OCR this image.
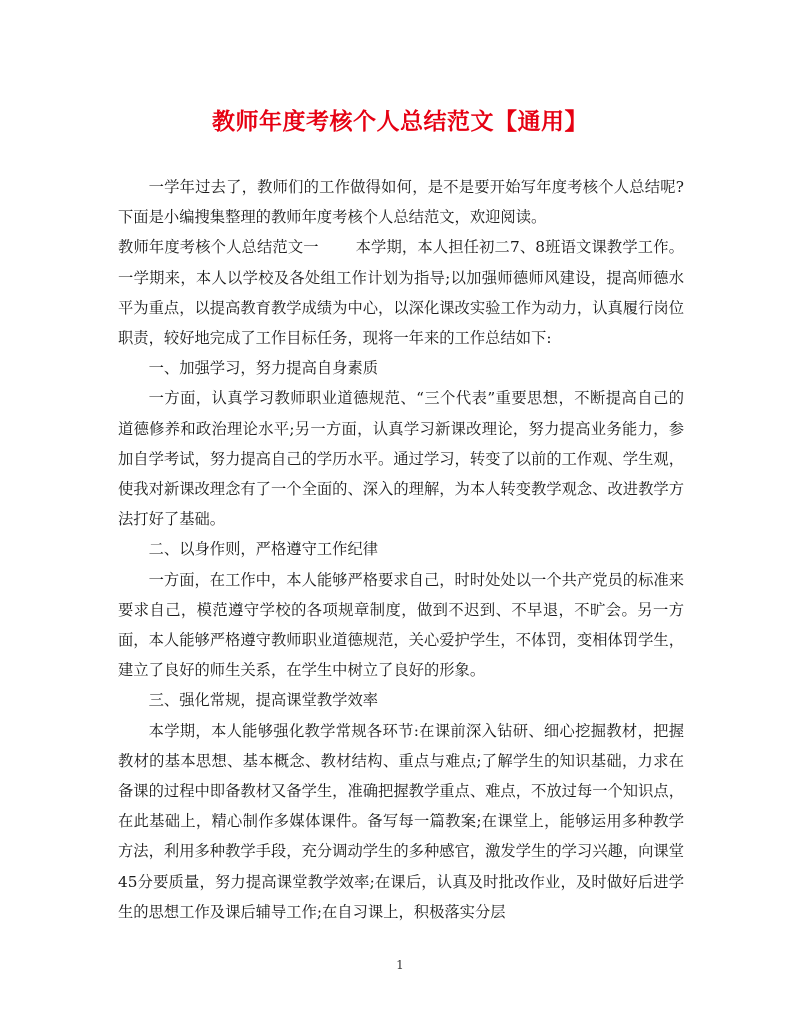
教师年度考核个人总结范文【通用】

一学年过去了，教师们的工作做得如何，是不是要开始写年度考核个人总结呢?下面是小编搜集整理的教师年度考核个人总结范文，欢迎阅读。

教师年度考核个人总结范文一 本学期，本人担任初二7、8班语文课教学工作。一学期来，本人以学校及各处组工作计划为指导;以加强师德师风建设，提高师德水平为重点，以提高教育教学成绩为中心，以深化课改实验工作为动力，认真履行岗位职责，较好地完成了工作目标任务，现将一年来的工作总结如下:

一、加强学习，努力提高自身素质

一方面，认真学习教师职业道德规范、“三个代表”重要思想，不断提高自己的道德修养和政治理论水平;另一方面，认真学习新课改理论，努力提高业务能力，参加自学考试，努力提高自己的学历水平。通过学习，转变了以前的工作观、学生观，使我对新课改理念有了一个全面的、深入的理解，为本人转变教学观念、改进教学方法打好了基础。

二、以身作则，严格遵守工作纪律

一方面，在工作中，本人能够严格要求自己，时时处处以一个共产党员的标准来要求自己，模范遵守学校的各项规章制度，做到不迟到、不早退，不旷会。另一方面，本人能够严格遵守教师职业道德规范，关心爱护学生，不体罚，变相体罚学生，建立了良好的师生关系，在学生中树立了良好的形象。

三、强化常规，提高课堂教学效率

本学期，本人能够强化教学常规各环节:在课前深入钻研、细心挖掘教材，把握教材的基本思想、基本概念、教材结构、重点与难点;了解学生的知识基础，力求在备课的过程中即备教材又备学生，准确把握教学重点、难点，不放过每一个知识点，在此基础上，精心制作多媒体课件。备写每一篇教案;在课堂上，能够运用多种教学方法，利用多种教学手段，充分调动学生的多种感官，激发学生的学习兴趣，向课堂45分要质量，努力提高课堂教学效率;在课后，认真及时批改作业，及时做好后进学生的思想工作及课后辅导工作;在自习课上，积极落实分层

1
